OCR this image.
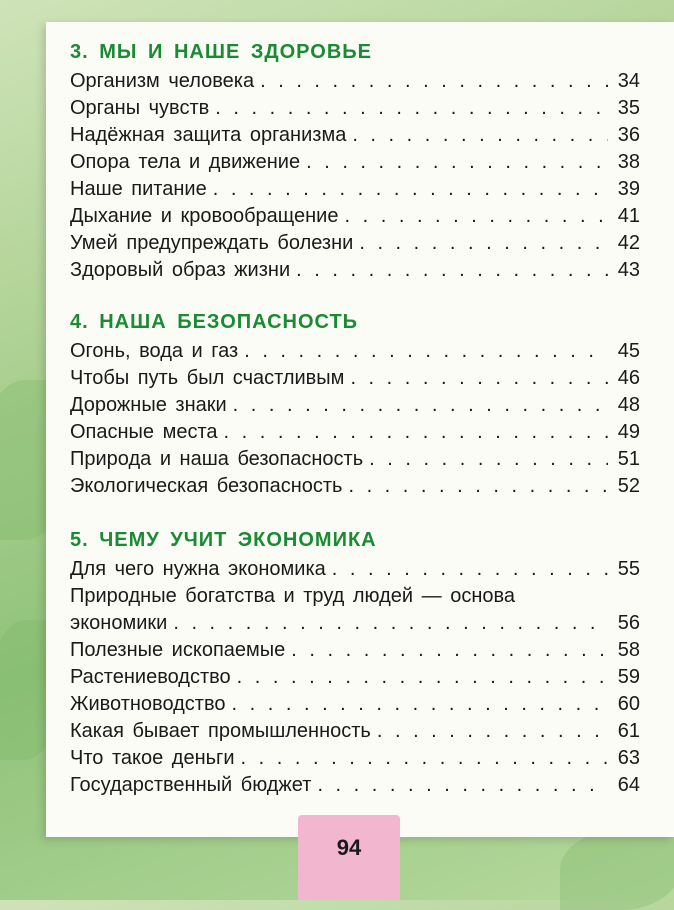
3. МЫ И НАШЕ ЗДОРОВЬЕ
Организм человека . . .	34
Органы чувств . . .	35
Надёжная защита организма . . .	36
Опора тела и движение . . .	38
Наше питание . . .	39
Дыхание и кровообращение . . .	41
Умей предупреждать болезни . . .	42
Здоровый образ жизни . . .	43
4. НАША БЕЗОПАСНОСТЬ
Огонь, вода и газ . . .	45
Чтобы путь был счастливым . . .	46
Дорожные знаки . . .	48
Опасные места . . .	49
Природа и наша безопасность . . .	51
Экологическая безопасность . . .	52
5. ЧЕМУ УЧИТ ЭКОНОМИКА
Для чего нужна экономика . . .	55
Природные богатства и труд людей — основа
экономики . . .	56
Полезные ископаемые . . .	58
Растениеводство . . .	59
Животноводство . . .	60
Какая бывает промышленность . . .	61
Что такое деньги . . .	63
Государственный бюджет . . .	64
94
